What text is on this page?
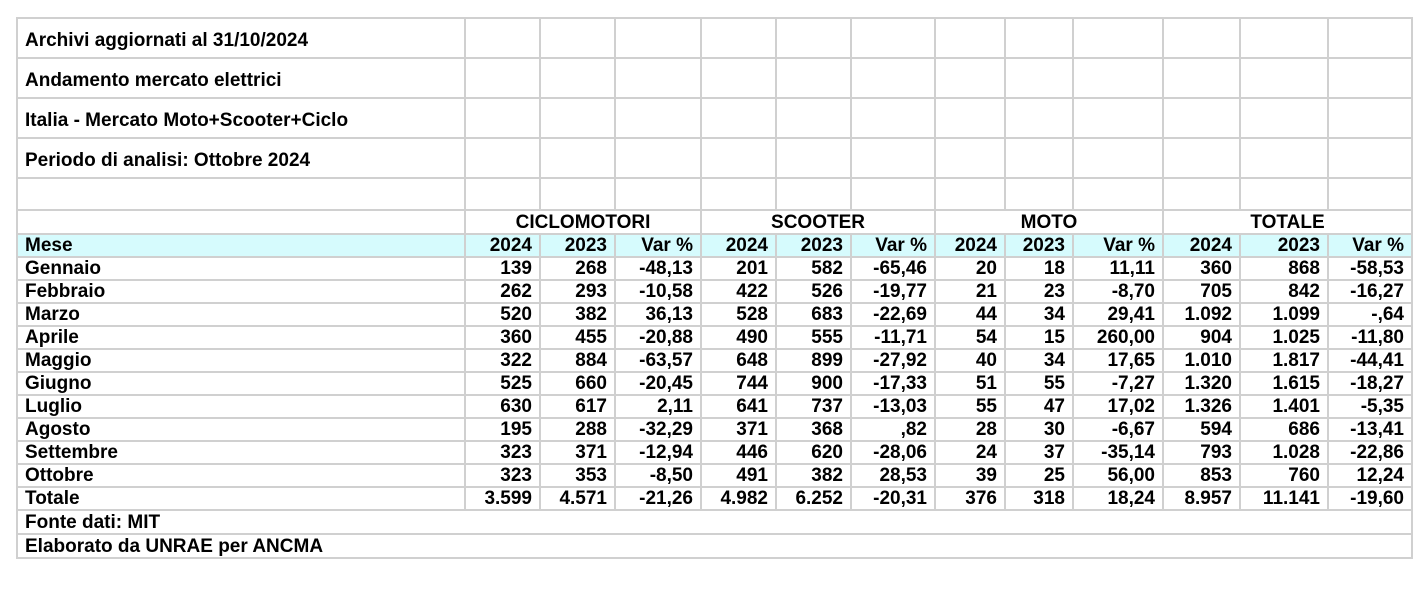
Archivi aggiornati al 31/10/2024												
Andamento mercato elettrici												
Italia - Mercato Moto+Scooter+Ciclo												
Periodo di analisi: Ottobre 2024												

	CICLOMOTORI			SCOOTER			MOTO			TOTALE		
Mese	2024	2023	Var %	2024	2023	Var %	2024	2023	Var %	2024	2023	Var %
Gennaio	139	268	-48,13	201	582	-65,46	20	18	11,11	360	868	-58,53
Febbraio	262	293	-10,58	422	526	-19,77	21	23	-8,70	705	842	-16,27
Marzo	520	382	36,13	528	683	-22,69	44	34	29,41	1.092	1.099	-,64
Aprile	360	455	-20,88	490	555	-11,71	54	15	260,00	904	1.025	-11,80
Maggio	322	884	-63,57	648	899	-27,92	40	34	17,65	1.010	1.817	-44,41
Giugno	525	660	-20,45	744	900	-17,33	51	55	-7,27	1.320	1.615	-18,27
Luglio	630	617	2,11	641	737	-13,03	55	47	17,02	1.326	1.401	-5,35
Agosto	195	288	-32,29	371	368	,82	28	30	-6,67	594	686	-13,41
Settembre	323	371	-12,94	446	620	-28,06	24	37	-35,14	793	1.028	-22,86
Ottobre	323	353	-8,50	491	382	28,53	39	25	56,00	853	760	12,24
Totale	3.599	4.571	-21,26	4.982	6.252	-20,31	376	318	18,24	8.957	11.141	-19,60
Fonte dati: MIT												
Elaborato da UNRAE per ANCMA												
